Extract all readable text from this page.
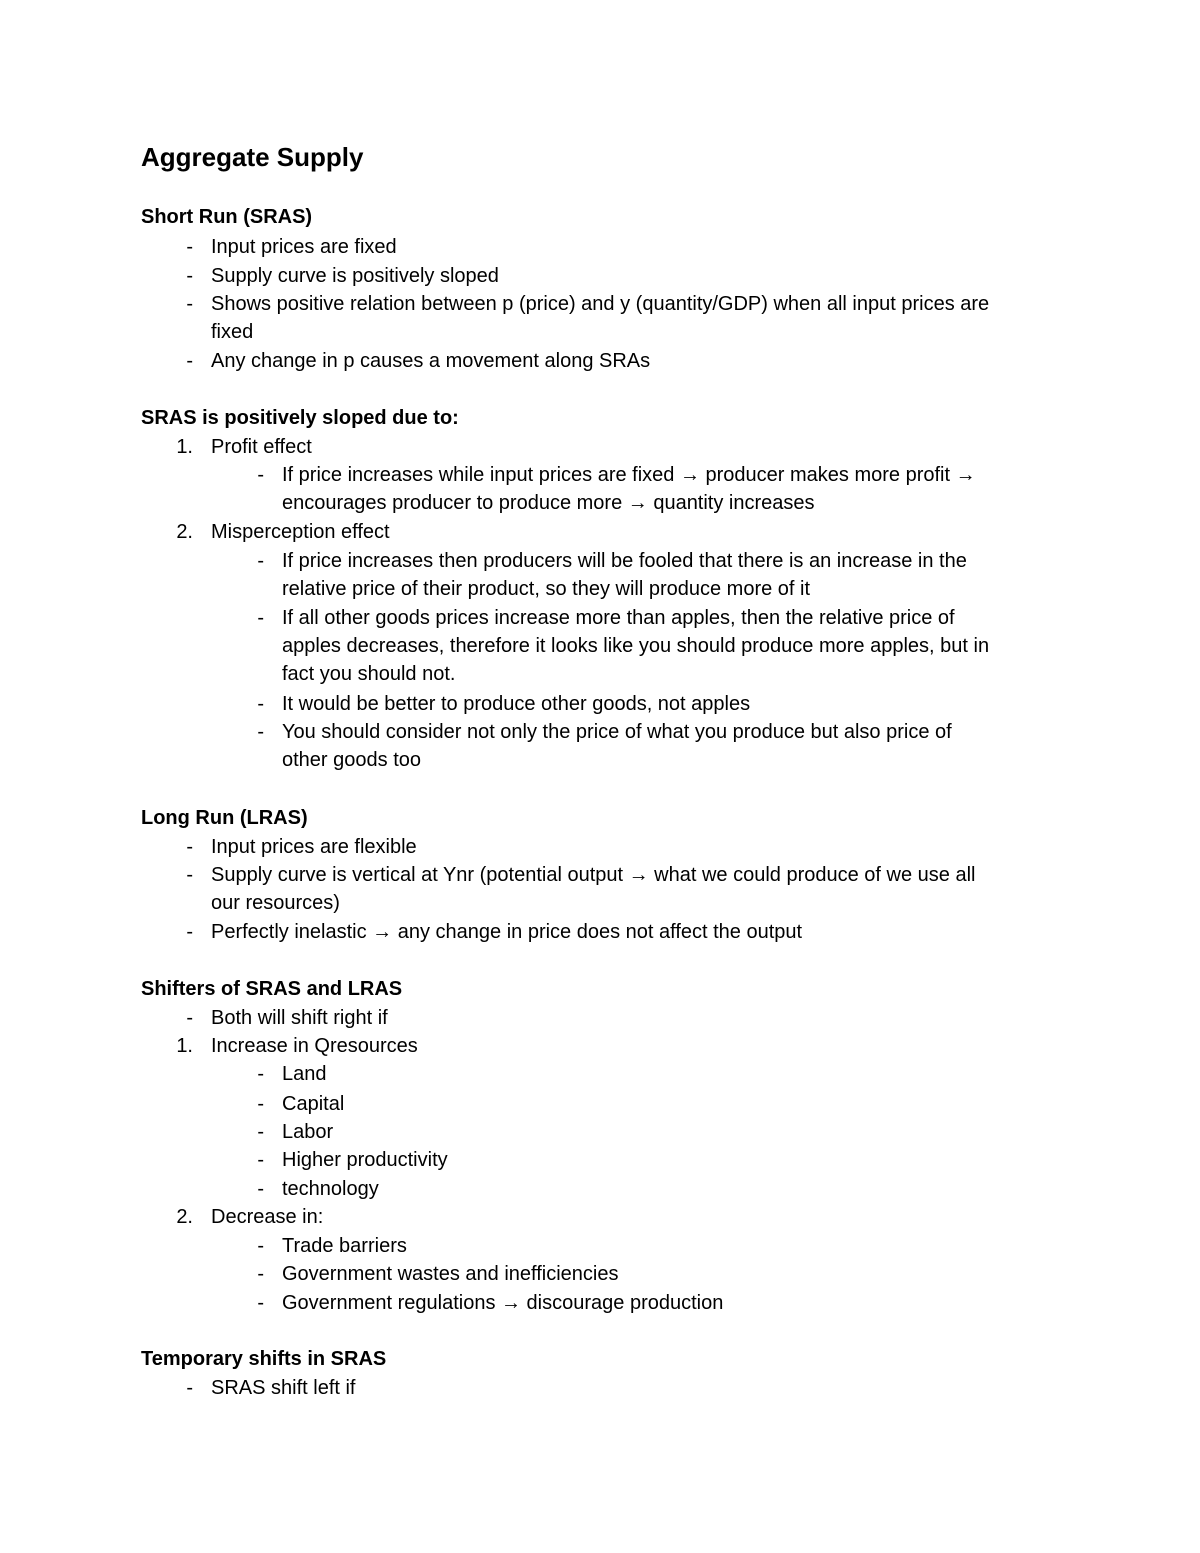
Aggregate Supply
Short Run (SRAS)
- Input prices are fixed

- Supply curve is positively sloped

- Shows positive relation between p (price) and y (quantity/GDP) when all input prices are

fixed

- Any change in p causes a movement along SRAs

SRAS is positively sloped due to:
1. Profit effect

- If price increases while input prices are fixed → producer makes more profit →

encourages producer to produce more → quantity increases

2. Misperception effect

- If price increases then producers will be fooled that there is an increase in the

relative price of their product, so they will produce more of it

- If all other goods prices increase more than apples, then the relative price of

apples decreases, therefore it looks like you should produce more apples, but in

fact you should not.

- It would be better to produce other goods, not apples

- You should consider not only the price of what you produce but also price of

other goods too

Long Run (LRAS)
- Input prices are flexible

- Supply curve is vertical at Ynr (potential output → what we could produce of we use all

our resources)

- Perfectly inelastic → any change in price does not affect the output

Shifters of SRAS and LRAS
- Both will shift right if

1. Increase in Qresources

- Land

- Capital

- Labor

- Higher productivity

- technology

2. Decrease in:

- Trade barriers

- Government wastes and inefficiencies

- Government regulations → discourage production

Temporary shifts in SRAS
- SRAS shift left if
